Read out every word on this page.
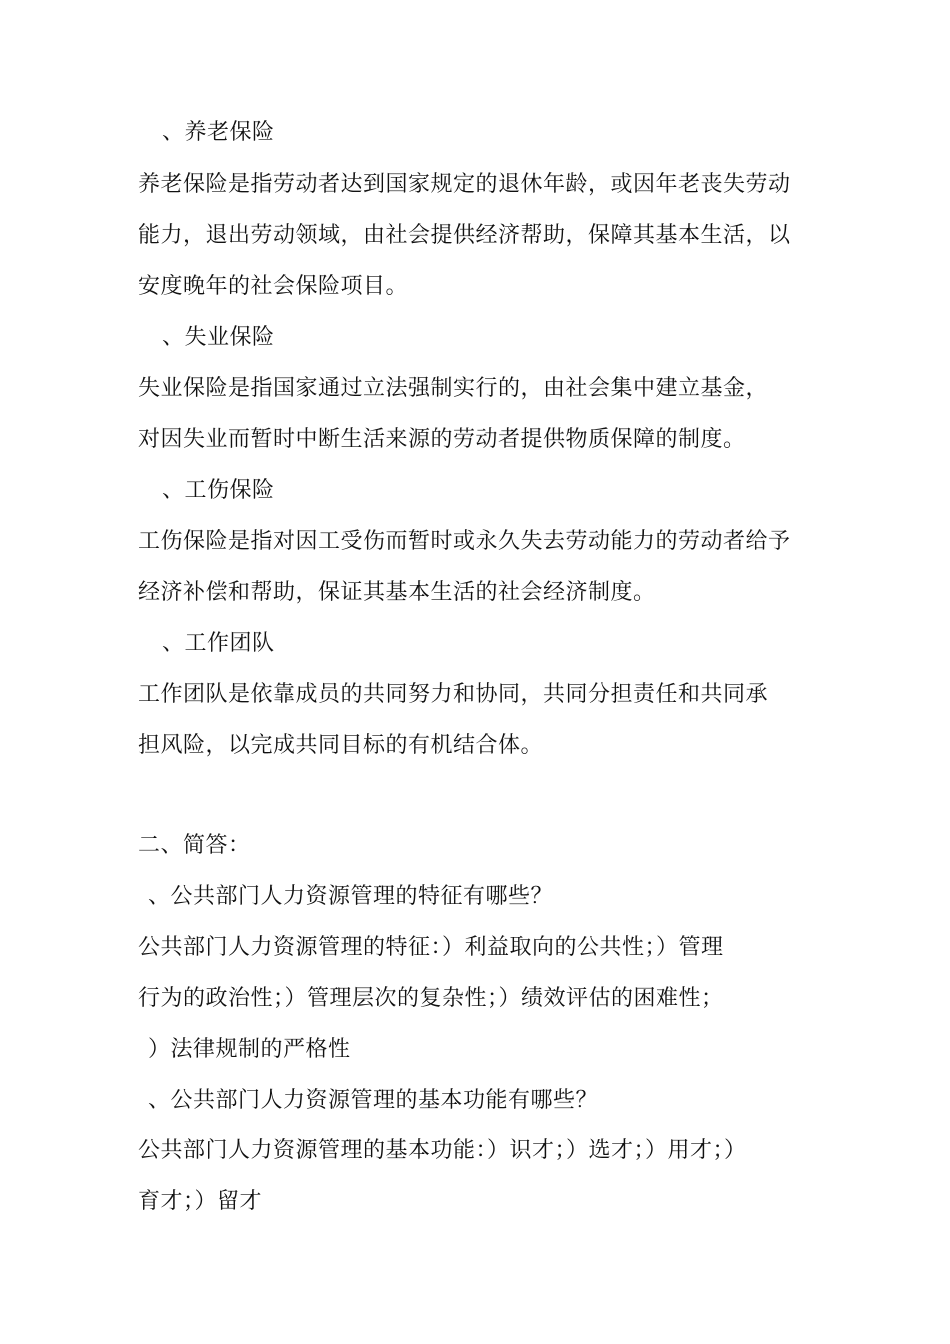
、养老保险
养老保险是指劳动者达到国家规定的退休年龄，或因年老丧失劳动
能力，退出劳动领域，由社会提供经济帮助，保障其基本生活，以
安度晚年的社会保险项目。
、失业保险
失业保险是指国家通过立法强制实行的，由社会集中建立基金，
对因失业而暂时中断生活来源的劳动者提供物质保障的制度。
、工伤保险
工伤保险是指对因工受伤而暂时或永久失去劳动能力的劳动者给予
经济补偿和帮助，保证其基本生活的社会经济制度。
、工作团队
工作团队是依靠成员的共同努力和协同，共同分担责任和共同承
担风险，以完成共同目标的有机结合体。
二、简答：
、公共部门人力资源管理的特征有哪些？
公共部门人力资源管理的特征：）利益取向的公共性；）管理
行为的政治性；）管理层次的复杂性；）绩效评估的困难性；
）法律规制的严格性
、公共部门人力资源管理的基本功能有哪些？
公共部门人力资源管理的基本功能：）识才；）选才；）用才；）
育才；）留才
